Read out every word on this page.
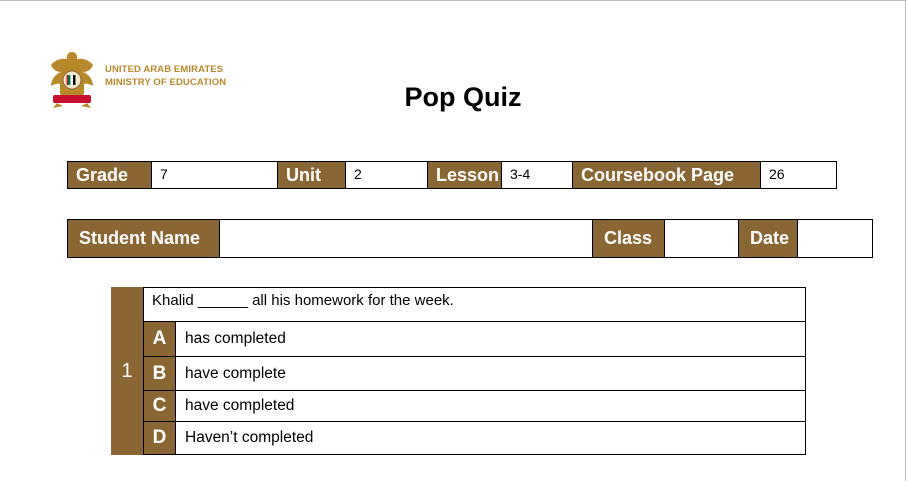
UNITED ARAB EMIRATES
MINISTRY OF EDUCATION	Pop Quiz
Grade	7	Unit	2	Lesson 3-4	Coursebook Page	26
Student Name	Class	Date
1
Khalid ______ all his homework for the week.
A	has completed
B	have complete
C	have completed
D	Haven’t completed
